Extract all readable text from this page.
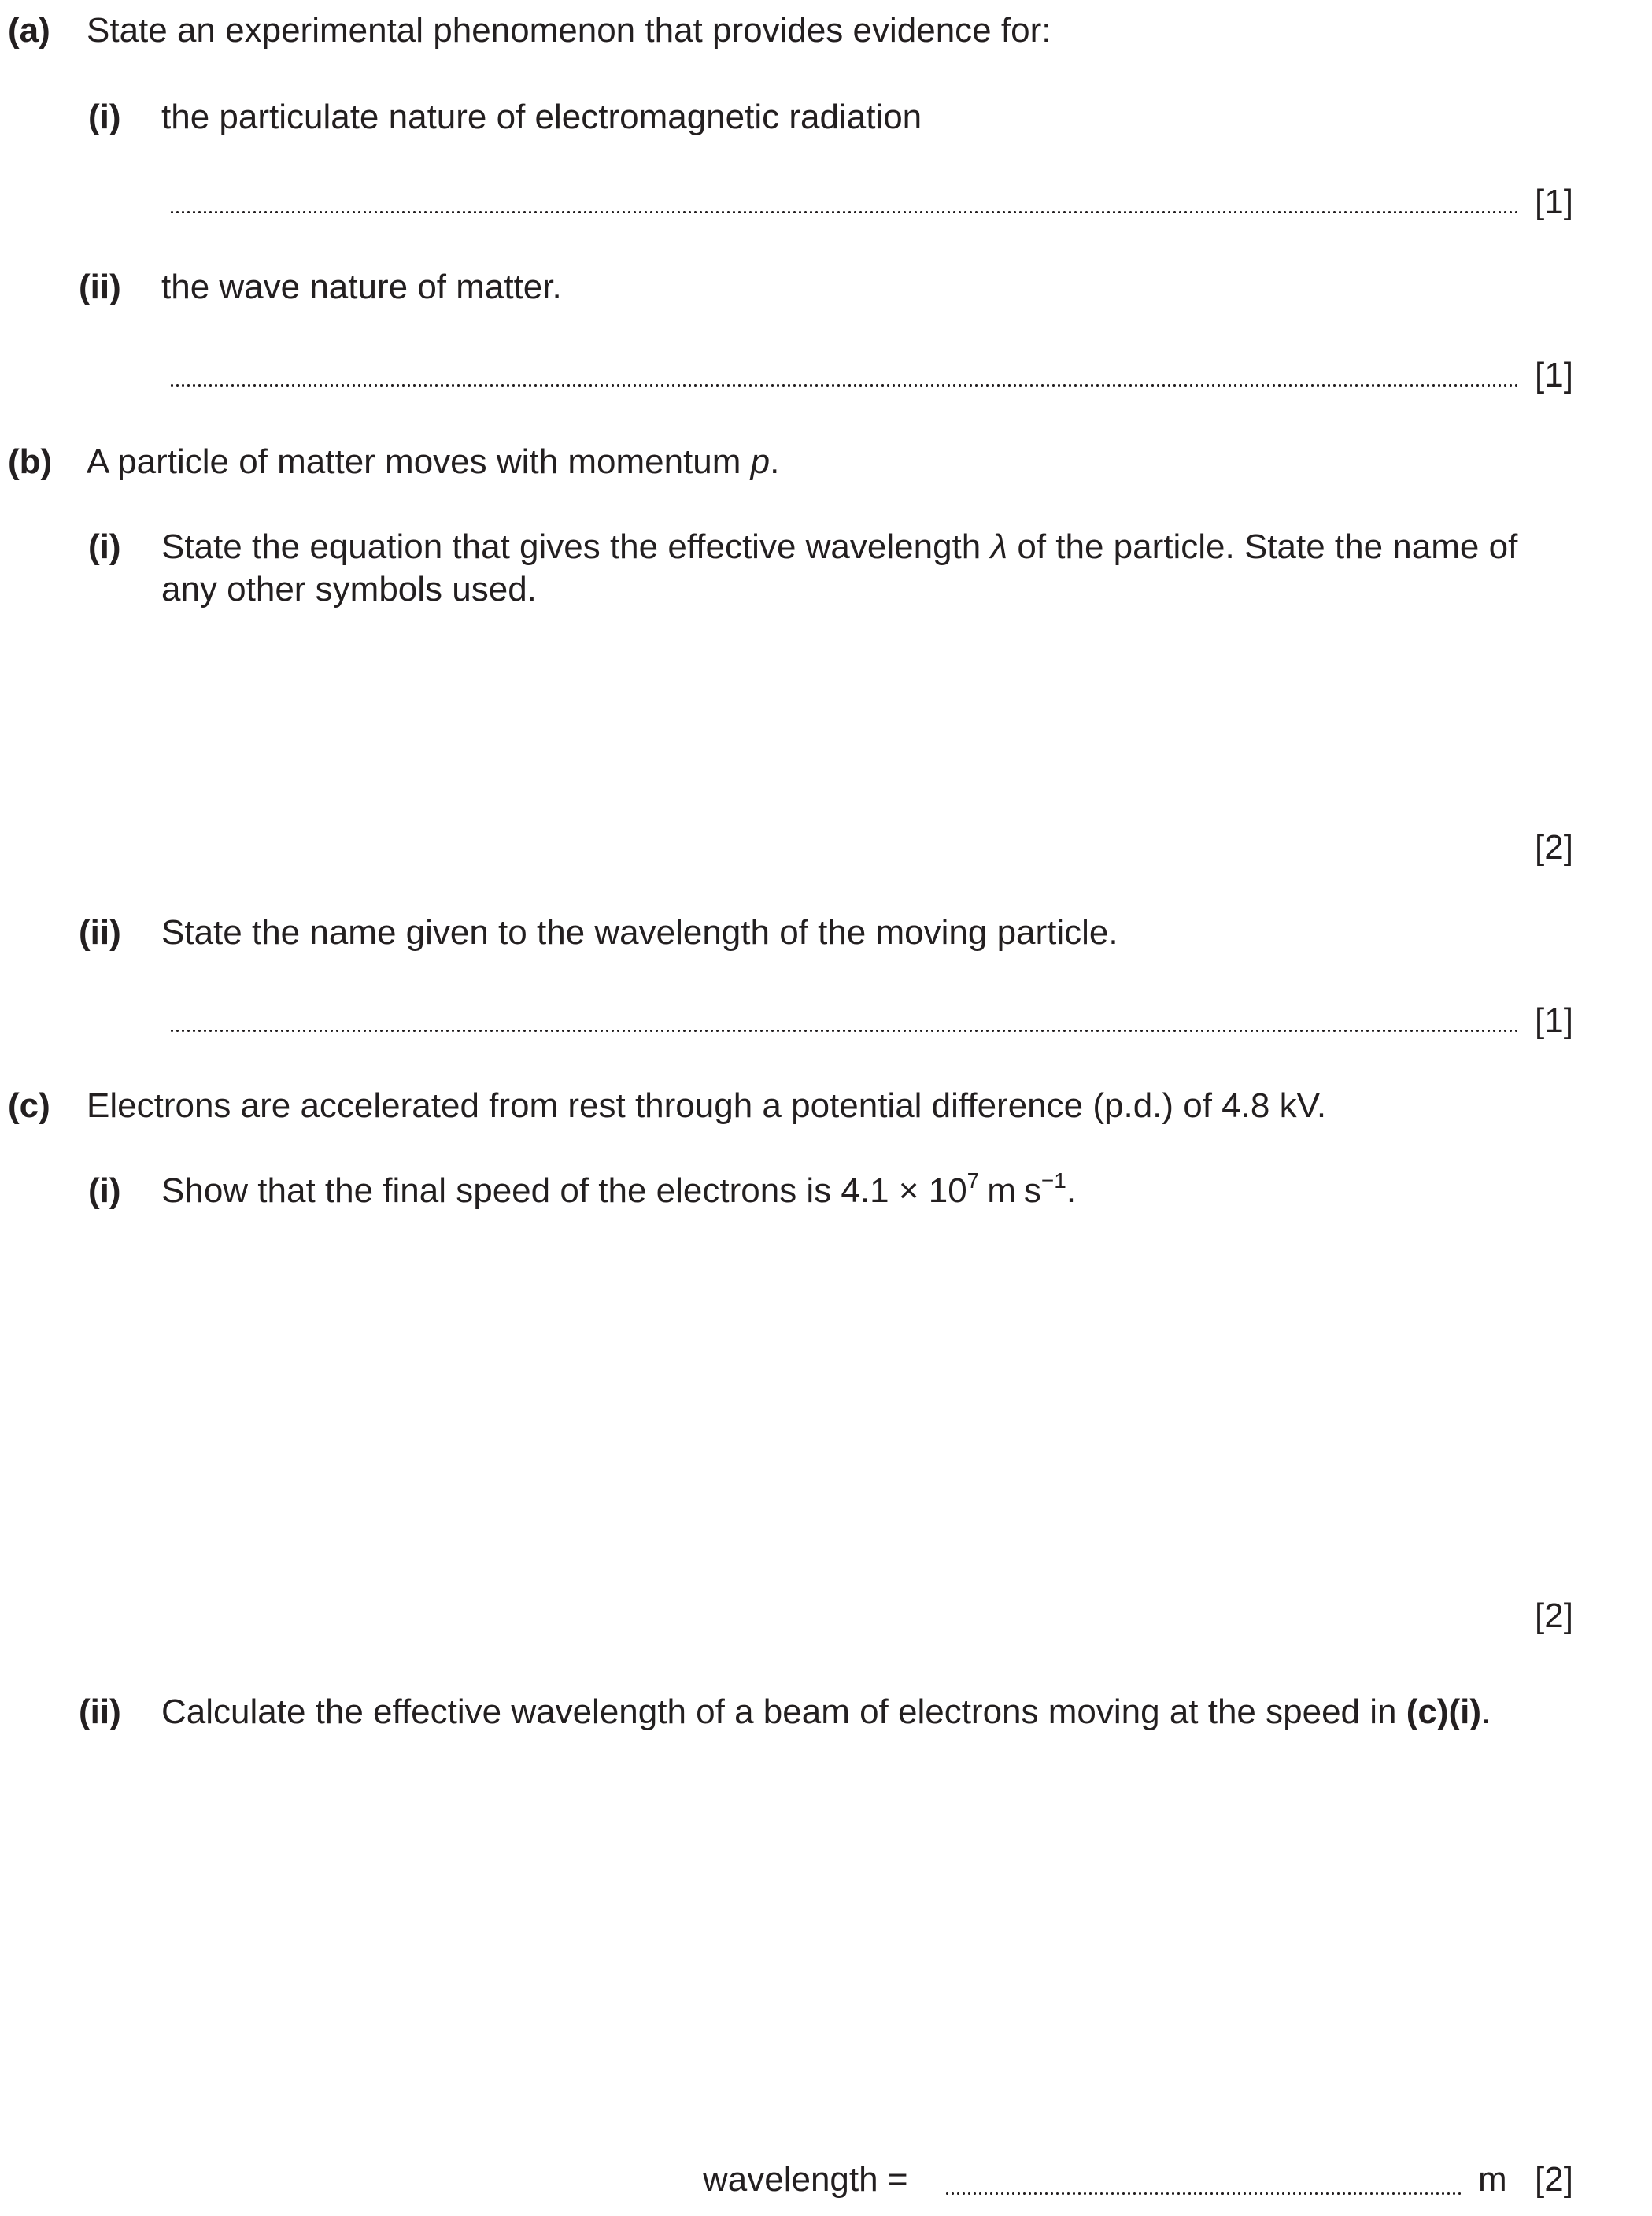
(a) State an experimental phenomenon that provides evidence for:
(i) the particulate nature of electromagnetic radiation
[1]
(ii) the wave nature of matter.
[1]
(b) A particle of matter moves with momentum p.
(i) State the equation that gives the effective wavelength λ of the particle. State the name of
any other symbols used.
[2]
(ii) State the name given to the wavelength of the moving particle.
[1]
(c) Electrons are accelerated from rest through a potential difference (p.d.) of 4.8 kV.
(i) Show that the final speed of the electrons is $4.1 \times 10^7$ m $s^{-1}$.
[2]
(ii) Calculate the effective wavelength of a beam of electrons moving at the speed in (c)(i).
wavelength =	m [2]
